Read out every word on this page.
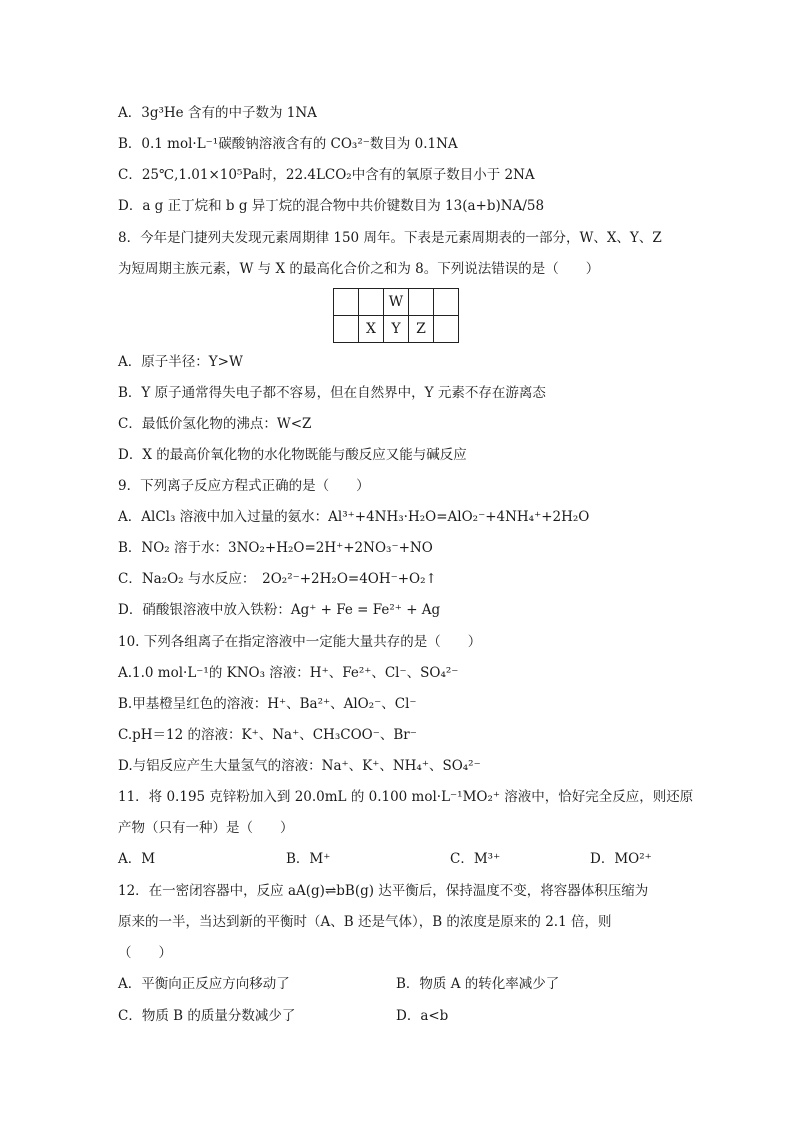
A．3g³He 含有的中子数为 1NA
B．0.1 mol·L⁻¹碳酸钠溶液含有的 CO₃²⁻数目为 0.1NA
C．25℃,1.01×10⁵Pa时，22.4LCO₂中含有的氧原子数目小于 2NA
D．a g 正丁烷和 b g 异丁烷的混合物中共价键数目为 13(a+b)NA/58
8．今年是门捷列夫发现元素周期律 150 周年。下表是元素周期表的一部分，W、X、Y、Z
为短周期主族元素，W 与 X 的最高化合价之和为 8。下列说法错误的是（　　）
		W		
	X	Y	Z	
A．原子半径：Y>W
B．Y 原子通常得失电子都不容易，但在自然界中，Y 元素不存在游离态
C．最低价氢化物的沸点：W<Z
D．X 的最高价氧化物的水化物既能与酸反应又能与碱反应
9．下列离子反应方程式正确的是（　　）
A．AlCl₃ 溶液中加入过量的氨水：Al³⁺+4NH₃·H₂O=AlO₂⁻+4NH₄⁺+2H₂O
B．NO₂ 溶于水：3NO₂+H₂O=2H⁺+2NO₃⁻+NO
C．Na₂O₂ 与水反应：　2O₂²⁻+2H₂O=4OH⁻+O₂↑
D．硝酸银溶液中放入铁粉：Ag⁺ + Fe = Fe²⁺ + Ag
10. 下列各组离子在指定溶液中一定能大量共存的是（　　）
A.1.0 mol·L⁻¹的 KNO₃ 溶液：H⁺、Fe²⁺、Cl⁻、SO₄²⁻
B.甲基橙呈红色的溶液：H⁺、Ba²⁺、AlO₂⁻、Cl⁻
C.pH＝12 的溶液：K⁺、Na⁺、CH₃COO⁻、Br⁻
D.与铝反应产生大量氢气的溶液：Na⁺、K⁺、NH₄⁺、SO₄²⁻
11．将 0.195 克锌粉加入到 20.0mL 的 0.100 mol·L⁻¹MO₂⁺ 溶液中，恰好完全反应，则还原
产物（只有一种）是（　　）
A．M	B．M⁺	C．M³⁺	D．MO²⁺
12．在一密闭容器中，反应 aA(g)⇌bB(g) 达平衡后，保持温度不变，将容器体积压缩为
原来的一半，当达到新的平衡时（A、B 还是气体），B 的浓度是原来的 2.1 倍，则
（　　）
A．平衡向正反应方向移动了	B．物质 A 的转化率减少了
C．物质 B 的质量分数减少了	D．a<b
